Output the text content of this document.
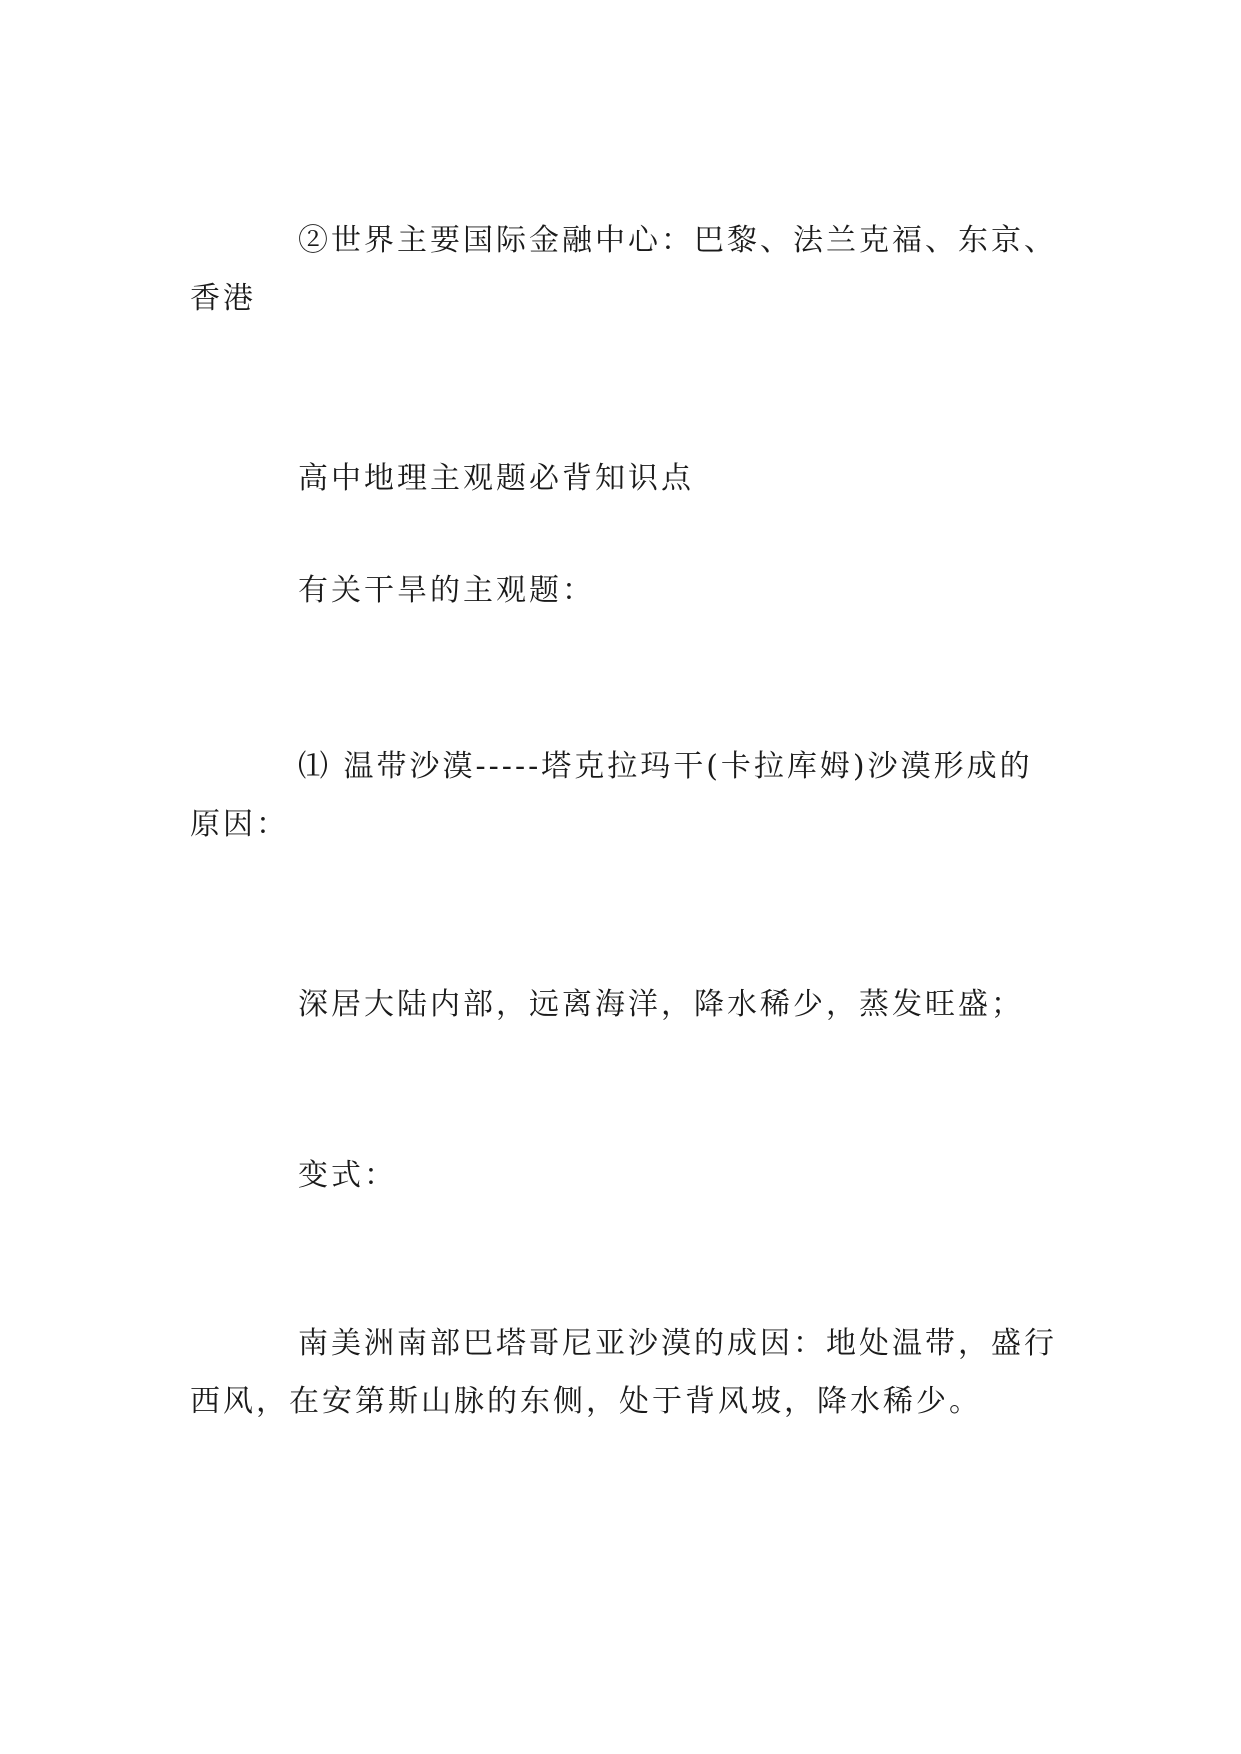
②世界主要国际金融中心：巴黎、法兰克福、东京、香港

高中地理主观题必背知识点

有关干旱的主观题：

⑴ 温带沙漠-----塔克拉玛干(卡拉库姆)沙漠形成的原因：

深居大陆内部，远离海洋，降水稀少，蒸发旺盛；

变式：

南美洲南部巴塔哥尼亚沙漠的成因：地处温带，盛行西风，在安第斯山脉的东侧，处于背风坡，降水稀少。
